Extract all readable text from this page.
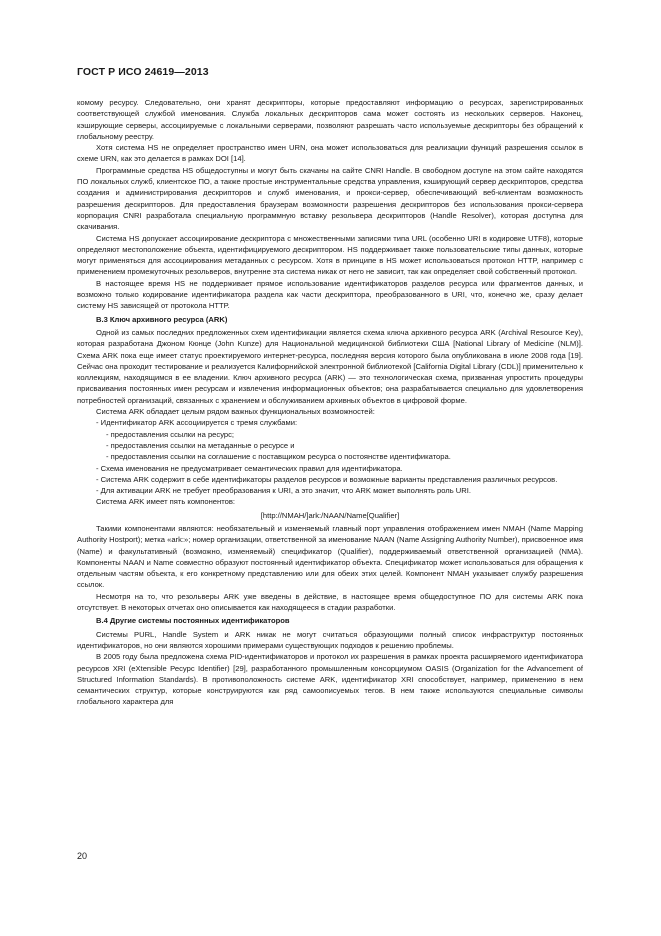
ГОСТ Р ИСО 24619—2013

комому ресурсу. Следовательно, они хранят дескрипторы, которые предоставляют информацию о ресурсах, зарегистрированных соответствующей службой именования. Служба локальных дескрипторов сама может состоять из нескольких серверов. Наконец, кэширующие серверы, ассоциируемые с локальными серверами, позволяют разрешать часто используемые дескрипторы без обращений к глобальному реестру.

Хотя система HS не определяет пространство имен URN, она может использоваться для реализации функций разрешения ссылок в схеме URN, как это делается в рамках DOI [14].

Программные средства HS общедоступны и могут быть скачаны на сайте CNRI Handle. В свободном доступе на этом сайте находятся ПО локальных служб, клиентское ПО, а также простые инструментальные средства управления, кэширующий сервер дескрипторов, средства создания и администрирования дескрипторов и служб именования, и прокси-сервер, обеспечивающий веб-клиентам возможность разрешения дескрипторов. Для предоставления браузерам возможности разрешения дескрипторов без использования прокси-сервера корпорация CNRI разработала специальную программную вставку резольвера дескрипторов (Handle Resolver), которая доступна для скачивания.

Система HS допускает ассоциирование дескриптора с множественными записями типа URL (особенно URI в кодировке UTF8), которые определяют местоположение объекта, идентифицируемого дескриптором. HS поддерживает также пользовательские типы данных, которые могут применяться для ассоциирования метаданных с ресурсом. Хотя в принципе в HS может использоваться протокол HTTP, например с применением промежуточных резольверов, внутренне эта система никак от него не зависит, так как определяет свой собственный протокол.

В настоящее время HS не поддерживает прямое использование идентификаторов разделов ресурса или фрагментов данных, и возможно только кодирование идентификатора раздела как части дескриптора, преобразованного в URI, что, конечно же, сразу делает систему HS зависящей от протокола HTTP.

В.3 Ключ архивного ресурса (ARK)

Одной из самых последних предложенных схем идентификации является схема ключа архивного ресурса ARK (Archival Resource Key), которая разработана Джоном Кюнце (John Kunze) для Национальной медицинской библиотеки США [National Library of Medicine (NLM)]. Схема ARK пока еще имеет статус проектируемого интернет-ресурса, последняя версия которого была опубликована в июле 2008 года [19]. Сейчас она проходит тестирование и реализуется Калифорнийской электронной библиотекой [California Digital Library (CDL)] применительно к коллекциям, находящимся в ее владении. Ключ архивного ресурса (ARK) — это технологическая схема, призванная упростить процедуры присваивания постоянных имен ресурсам и извлечения информационных объектов; она разрабатывается специально для удовлетворения потребностей организаций, связанных с хранением и обслуживанием архивных объектов в цифровой форме.

Система ARK обладает целым рядом важных функциональных возможностей:

- Идентификатор ARK ассоциируется с тремя службами:

- предоставления ссылки на ресурс;

- предоставления ссылки на метаданные о ресурсе и

- предоставления ссылки на соглашение с поставщиком ресурса о постоянстве идентификатора.

- Схема именования не предусматривает семантических правил для идентификатора.

- Система ARK содержит в себе идентификаторы разделов ресурсов и возможные варианты представления различных ресурсов.

- Для активации ARK не требует преобразования к URI, а это значит, что ARK может выполнять роль URI.

Система ARK имеет пять компонентов:

[http://NMAH/]ark:/NAAN/Name[Qualifier]

Такими компонентами являются: необязательный и изменяемый главный порт управления отображением имен NMAH (Name Mapping Authority Hostport); метка «ark:»; номер организации, ответственной за именование NAAN (Name Assigning Authority Number), присвоенное имя (Name) и факультативный (возможно, изменяемый) спецификатор (Qualifier), поддерживаемый ответственной организацией (NMA). Компоненты NAAN и Name совместно образуют постоянный идентификатор объекта. Спецификатор может использоваться для обращения к отдельным частям объекта, к его конкретному представлению или для обеих этих целей. Компонент NMAH указывает службу разрешения ссылок.

Несмотря на то, что резольверы ARK уже введены в действие, в настоящее время общедоступное ПО для системы ARK пока отсутствует. В некоторых отчетах оно описывается как находящееся в стадии разработки.

В.4 Другие системы постоянных идентификаторов

Системы PURL, Handle System и ARK никак не могут считаться образующими полный список инфраструктур постоянных идентификаторов, но они являются хорошими примерами существующих подходов к решению проблемы.

В 2005 году была предложена схема PID-идентификаторов и протокол их разрешения в рамках проекта расширяемого идентификатора ресурсов XRI (eXtensible Ресурс Identifier) [29], разработанного промышленным консорциумом OASIS (Organization for the Advancement of Structured Information Standards). В противоположность системе ARK, идентификатор XRI способствует, например, применению в нем семантических структур, которые конструируются как ряд самоописуемых тегов. В нем также используются специальные символы глобального характера для

20
